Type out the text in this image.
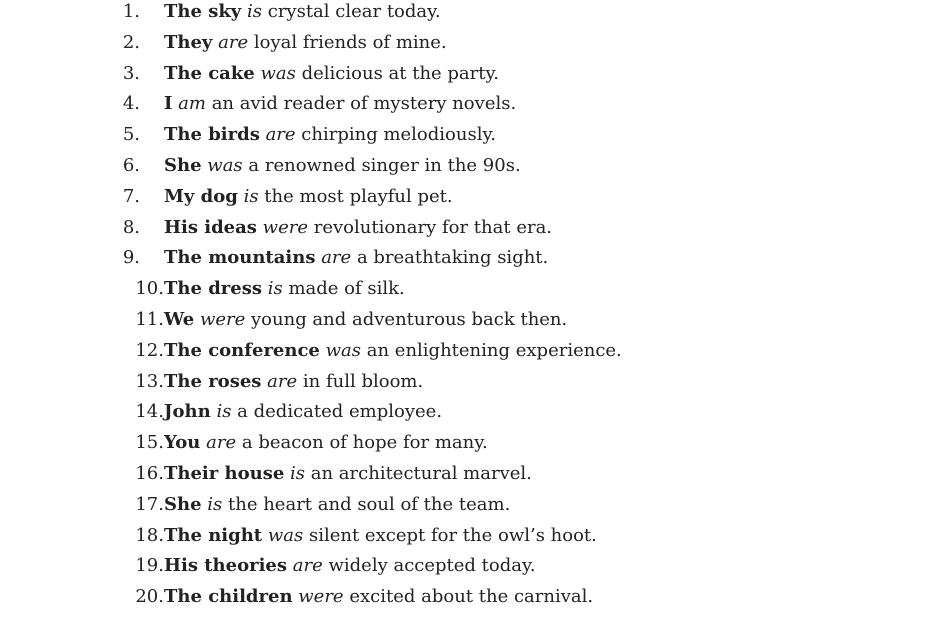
1.	The sky is crystal clear today.
2.	They are loyal friends of mine.
3.	The cake was delicious at the party.
4.	I am an avid reader of mystery novels.
5.	The birds are chirping melodiously.
6.	She was a renowned singer in the 90s.
7.	My dog is the most playful pet.
8.	His ideas were revolutionary for that era.
9.	The mountains are a breathtaking sight.
10. The dress is made of silk.
11. We were young and adventurous back then.
12. The conference was an enlightening experience.
13. The roses are in full bloom.
14. John is a dedicated employee.
15. You are a beacon of hope for many.
16. Their house is an architectural marvel.
17. She is the heart and soul of the team.
18. The night was silent except for the owl’s hoot.
19. His theories are widely accepted today.
20. The children were excited about the carnival.
